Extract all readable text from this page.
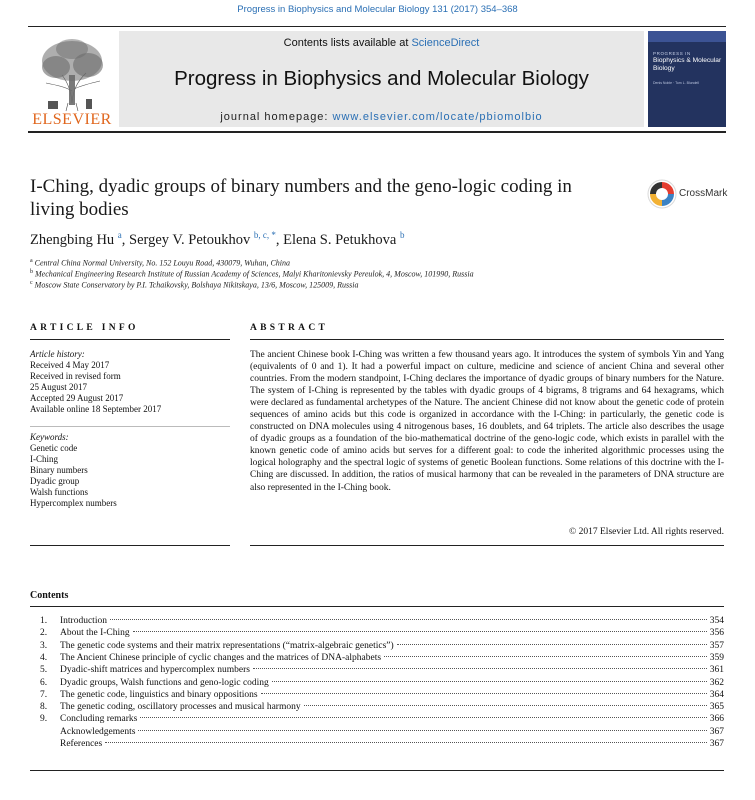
Progress in Biophysics and Molecular Biology 131 (2017) 354–368
ELSEVIER
Contents lists available at ScienceDirect
Progress in Biophysics and Molecular Biology
journal homepage: www.elsevier.com/locate/pbiomolbio
PROGRESS IN
Biophysics & Molecular Biology
Denis Noble · Tom L. Blundell
I-Ching, dyadic groups of binary numbers and the geno-logic coding in
living bodies
CrossMark
Zhengbing Hu $^a$, Sergey V. Petoukhov $^{b, c, *}$, Elena S. Petukhova $^b$
$^a$ Central China Normal University, No. 152 Louyu Road, 430079, Wuhan, China
$^b$ Mechanical Engineering Research Institute of Russian Academy of Sciences, Malyi Kharitonievsky Pereulok, 4, Moscow, 101990, Russia
$^c$ Moscow State Conservatory by P.I. Tchaikovsky, Bolshaya Nikitskaya, 13/6, Moscow, 125009, Russia
ARTICLE INFO	ABSTRACT
Article history:
Received 4 May 2017
Received in revised form
25 August 2017
Accepted 29 August 2017
Available online 18 September 2017
Keywords:
Genetic code
I-Ching
Binary numbers
Dyadic group
Walsh functions
Hypercomplex numbers
The ancient Chinese book I-Ching was written a few thousand years ago. It introduces the system of symbols Yin and Yang (equivalents of 0 and 1). It had a powerful impact on culture, medicine and science of ancient China and several other countries. From the modern standpoint, I-Ching declares the importance of dyadic groups of binary numbers for the Nature. The system of I-Ching is represented by the tables with dyadic groups of 4 bigrams, 8 trigrams and 64 hexagrams, which were declared as fundamental archetypes of the Nature. The ancient Chinese did not know about the genetic code of protein sequences of amino acids but this code is organized in accordance with the I-Ching: in particularly, the genetic code is constructed on DNA molecules using 4 nitrogenous bases, 16 doublets, and 64 triplets. The article also describes the usage of dyadic groups as a foundation of the bio-mathematical doctrine of the geno-logic code, which exists in parallel with the known genetic code of amino acids but serves for a different goal: to code the inherited algorithmic processes using the logical holography and the spectral logic of systems of genetic Boolean functions. Some relations of this doctrine with the I-Ching are discussed. In addition, the ratios of musical harmony that can be revealed in the parameters of DNA structure are also represented in the I-Ching book.
© 2017 Elsevier Ltd. All rights reserved.
Contents
1.	Introduction	354
2.	About the I-Ching	356
3.	The genetic code systems and their matrix representations (“matrix-algebraic genetics”)	357
4.	The Ancient Chinese principle of cyclic changes and the matrices of DNA-alphabets	359
5.	Dyadic-shift matrices and hypercomplex numbers	361
6.	Dyadic groups, Walsh functions and geno-logic coding	362
7.	The genetic code, linguistics and binary oppositions	364
8.	The genetic coding, oscillatory processes and musical harmony	365
9.	Concluding remarks	366
Acknowledgements	367
References	367
